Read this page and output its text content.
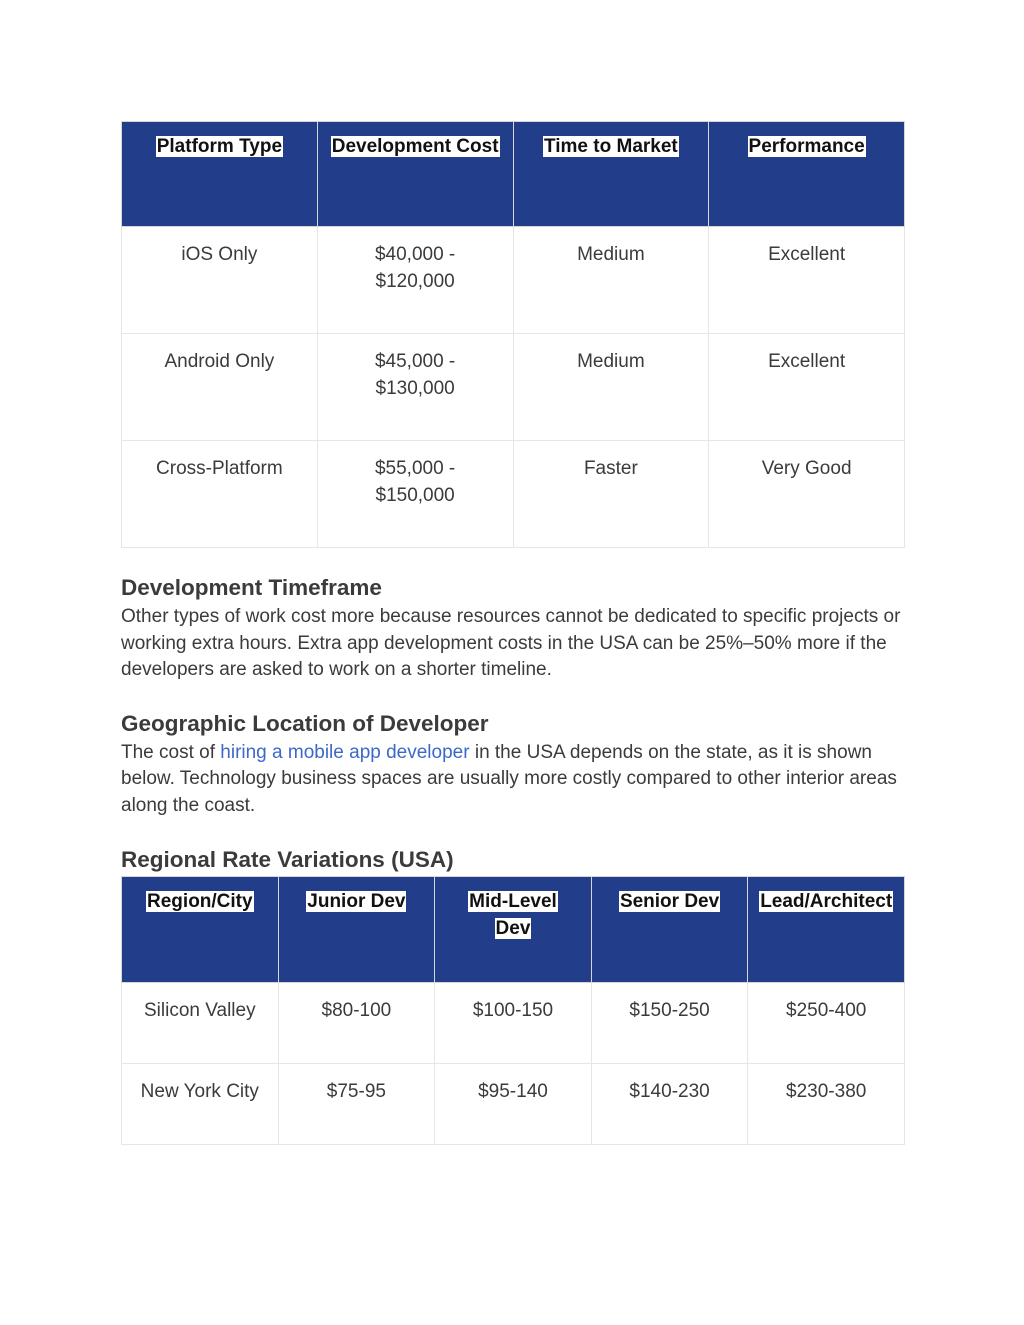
Platform Type	Development Cost	Time to Market	Performance
iOS Only	$40,000 - $120,000	Medium	Excellent
Android Only	$45,000 - $130,000	Medium	Excellent
Cross-Platform	$55,000 - $150,000	Faster	Very Good
Development Timeframe

Other types of work cost more because resources cannot be dedicated to specific projects or working extra hours. Extra app development costs in the USA can be 25%–50% more if the developers are asked to work on a shorter timeline.

Geographic Location of Developer

The cost of hiring a mobile app developer in the USA depends on the state, as it is shown below. Technology business spaces are usually more costly compared to other interior areas along the coast.

Regional Rate Variations (USA)
Region/City	Junior Dev	Mid-Level Dev	Senior Dev	Lead/Architect
Silicon Valley	$80-100	$100-150	$150-250	$250-400
New York City	$75-95	$95-140	$140-230	$230-380
